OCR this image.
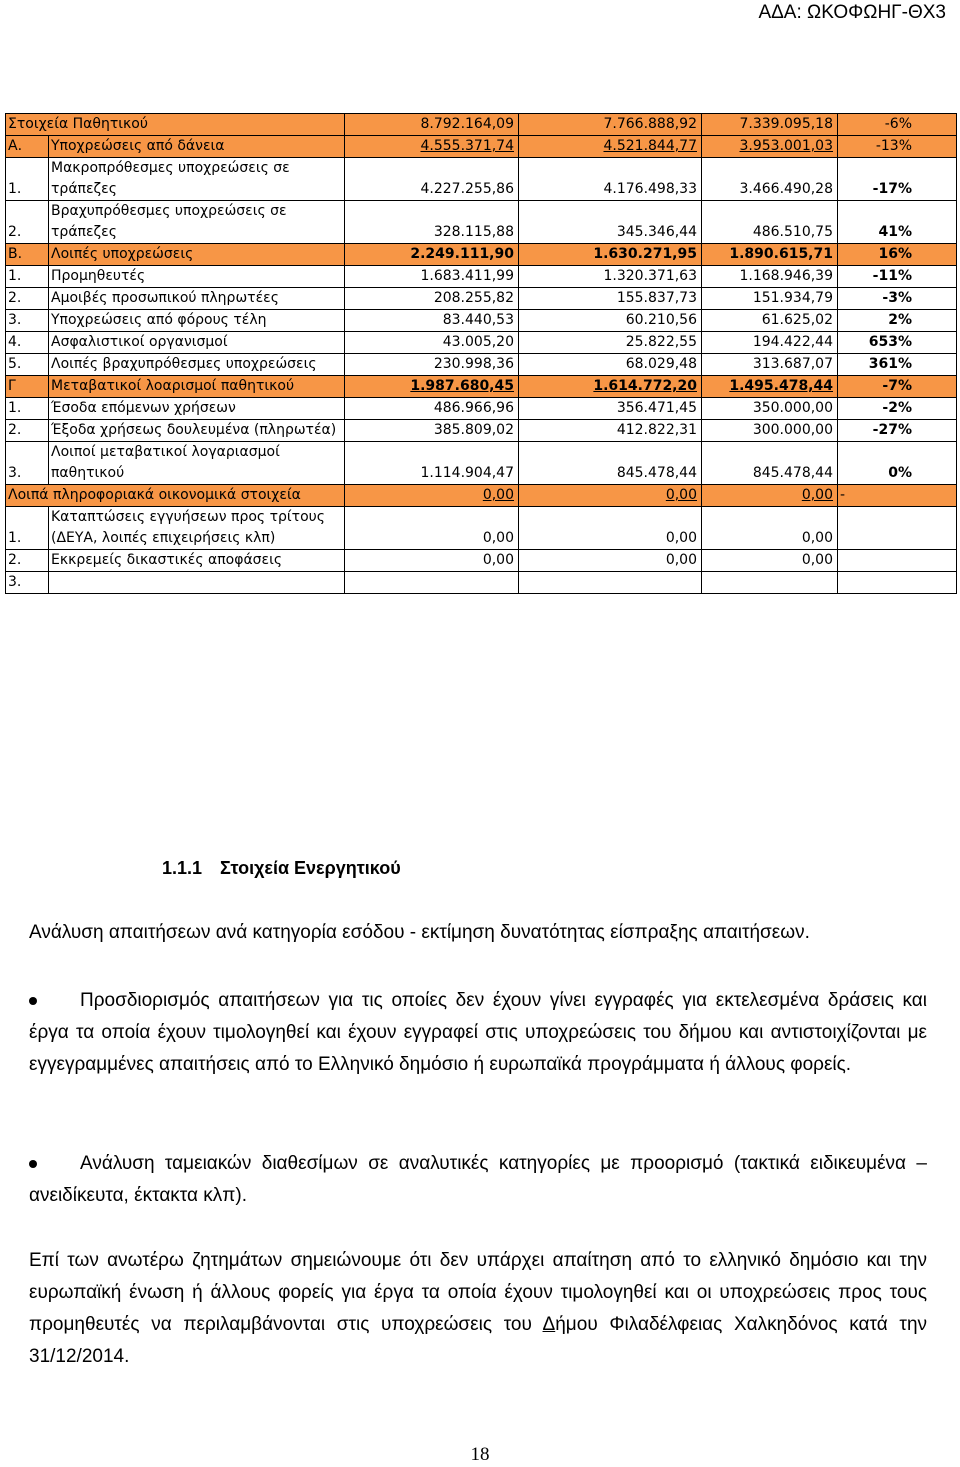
ΑΔΑ: ΩΚΟΦΩΗΓ-ΘΧ3
Στοιχεία Παθητικού		8.792.164,09	7.766.888,92	7.339.095,18	-6%
Α.	Υποχρεώσεις από δάνεια	4.555.371,74	4.521.844,77	3.953.001,03	-13%
1.	Μακροπρόθεσμες υποχρεώσεις σε τράπεζες	4.227.255,86	4.176.498,33	3.466.490,28	-17%
2.	Βραχυπρόθεσμες υποχρεώσεις σε τράπεζες	328.115,88	345.346,44	486.510,75	41%
Β.	Λοιπές υποχρεώσεις	2.249.111,90	1.630.271,95	1.890.615,71	16%
1.	Προμηθευτές	1.683.411,99	1.320.371,63	1.168.946,39	-11%
2.	Αμοιβές προσωπικού πληρωτέες	208.255,82	155.837,73	151.934,79	-3%
3.	Υποχρεώσεις από φόρους τέλη	83.440,53	60.210,56	61.625,02	2%
4.	Ασφαλιστικοί οργανισμοί	43.005,20	25.822,55	194.422,44	653%
5.	Λοιπές βραχυπρόθεσμες υποχρεώσεις	230.998,36	68.029,48	313.687,07	361%
Γ	Μεταβατικοί λοαρισμοί παθητικού	1.987.680,45	1.614.772,20	1.495.478,44	-7%
1.	Έσοδα επόμενων χρήσεων	486.966,96	356.471,45	350.000,00	-2%
2.	Έξοδα χρήσεως δουλευμένα (πληρωτέα)	385.809,02	412.822,31	300.000,00	-27%
3.	Λοιποί μεταβατικοί λογαριασμοί παθητικού	1.114.904,47	845.478,44	845.478,44	0%
Λοιπά πληροφοριακά οικονομικά στοιχεία		0,00	0,00	0,00	-
1.	Καταπτώσεις εγγυήσεων προς τρίτους (ΔΕΥΑ, λοιπές επιχειρήσεις κλπ)	0,00	0,00	0,00	
2.	Εκκρεμείς δικαστικές αποφάσεις	0,00	0,00	0,00	
3.					
1.1.1 Στοιχεία Ενεργητικού
Ανάλυση απαιτήσεων ανά κατηγορία εσόδου - εκτίμηση δυνατότητας είσπραξης απαιτήσεων.
Προσδιορισμός απαιτήσεων για τις οποίες δεν έχουν γίνει εγγραφές για εκτελεσμένα δράσεις και έργα τα οποία έχουν τιμολογηθεί και έχουν εγγραφεί στις υποχρεώσεις του δήμου και αντιστοιχίζονται με εγγεγραμμένες απαιτήσεις από το Ελληνικό δημόσιο ή ευρωπαϊκά προγράμματα ή άλλους φορείς.
Ανάλυση ταμειακών διαθεσίμων σε αναλυτικές κατηγορίες με προορισμό (τακτικά ειδικευμένα – ανειδίκευτα, έκτακτα κλπ).
Επί των ανωτέρω ζητημάτων σημειώνουμε ότι δεν υπάρχει απαίτηση από το ελληνικό δημόσιο και την ευρωπαϊκή ένωση ή άλλους φορείς για έργα τα οποία έχουν τιμολογηθεί και οι υποχρεώσεις προς τους προμηθευτές να περιλαμβάνονται στις υποχρεώσεις του Δήμου Φιλαδέλφειας Χαλκηδόνος κατά την 31/12/2014.
18
